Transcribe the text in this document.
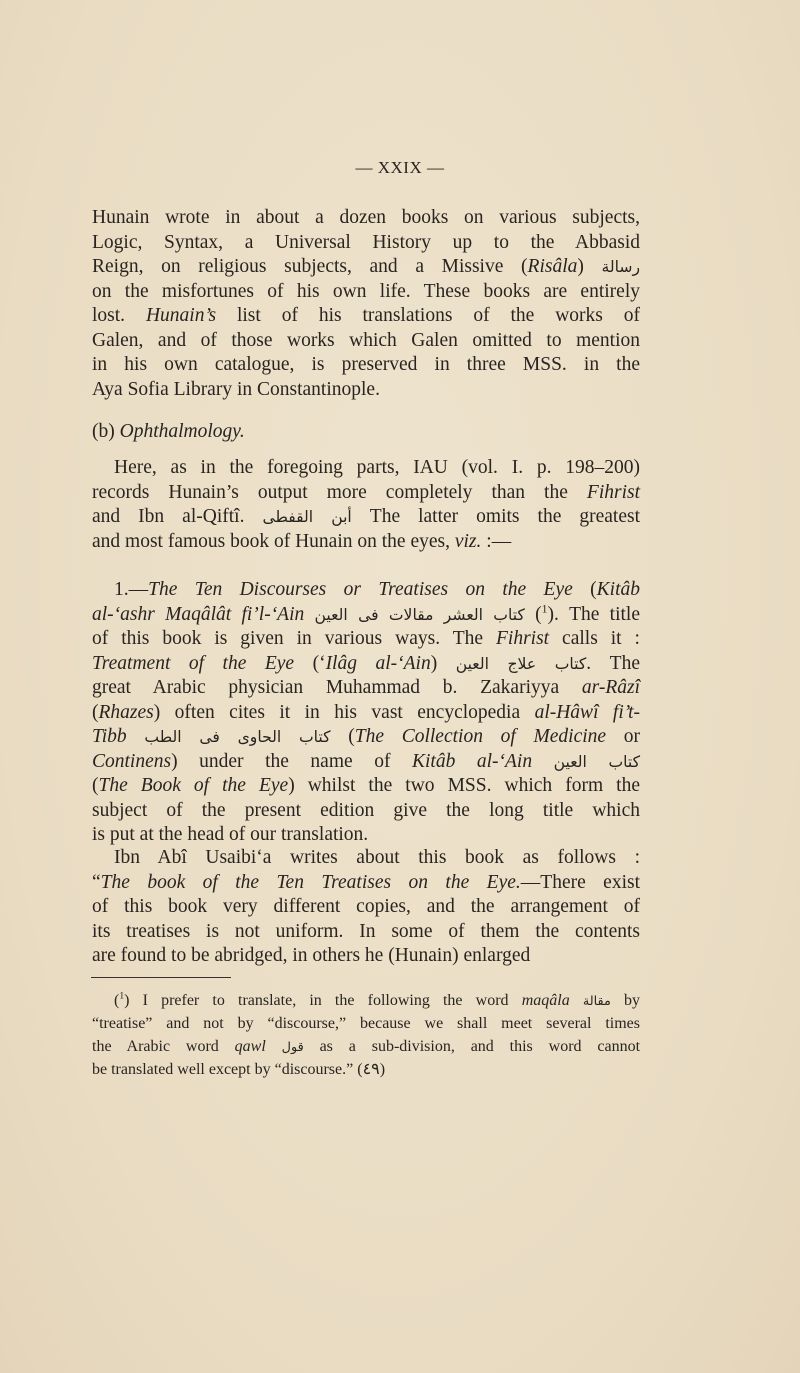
— XXIX —
Hunain wrote in about a dozen books on various subjects,
Logic, Syntax, a Universal History up to the Abbasid
Reign, on religious subjects, and a Missive (Risâla) رسالة
on the misfortunes of his own life. These books are entirely
lost. Hunain’s list of his translations of the works of
Galen, and of those works which Galen omitted to mention
in his own catalogue, is preserved in three MSS. in the
Aya Sofia Library in Constantinople.
(b) Ophthalmology.
Here, as in the foregoing parts, IAU (vol. I. p. 198–200)
records Hunain’s output more completely than the Fihrist
and Ibn al-Qiftî. أبن القفطى The latter omits the greatest
and most famous book of Hunain on the eyes, viz. :—
1.—The Ten Discourses or Treatises on the Eye (Kitâb
al-‘ashr Maqâlât fi’l-‘Ain كتاب العشر مقالات فى العين ($^1$). The title
of this book is given in various ways. The Fihrist calls it :
Treatment of the Eye (‘Ilâg al-‘Ain) كتاب علاج العين. The
great Arabic physician Muhammad b. Zakariyya ar-Râzî
(Rhazes) often cites it in his vast encyclopedia al-Hâwî fi’t-
Tibb كتاب الحاوى فى الطب (The Collection of Medicine or
Continens) under the name of Kitâb al-‘Ain كتاب العين
(The Book of the Eye) whilst the two MSS. which form the
subject of the present edition give the long title which
is put at the head of our translation.
Ibn Abî Usaibi‘a writes about this book as follows :
“The book of the Ten Treatises on the Eye.—There exist
of this book very different copies, and the arrangement of
its treatises is not uniform. In some of them the contents
are found to be abridged, in others he (Hunain) enlarged
($^1$) I prefer to translate, in the following the word maqâla مقالة by
“treatise” and not by “discourse,” because we shall meet several times
the Arabic word qawl قول as a sub-division, and this word cannot
be translated well except by “discourse.” (٤٩)
